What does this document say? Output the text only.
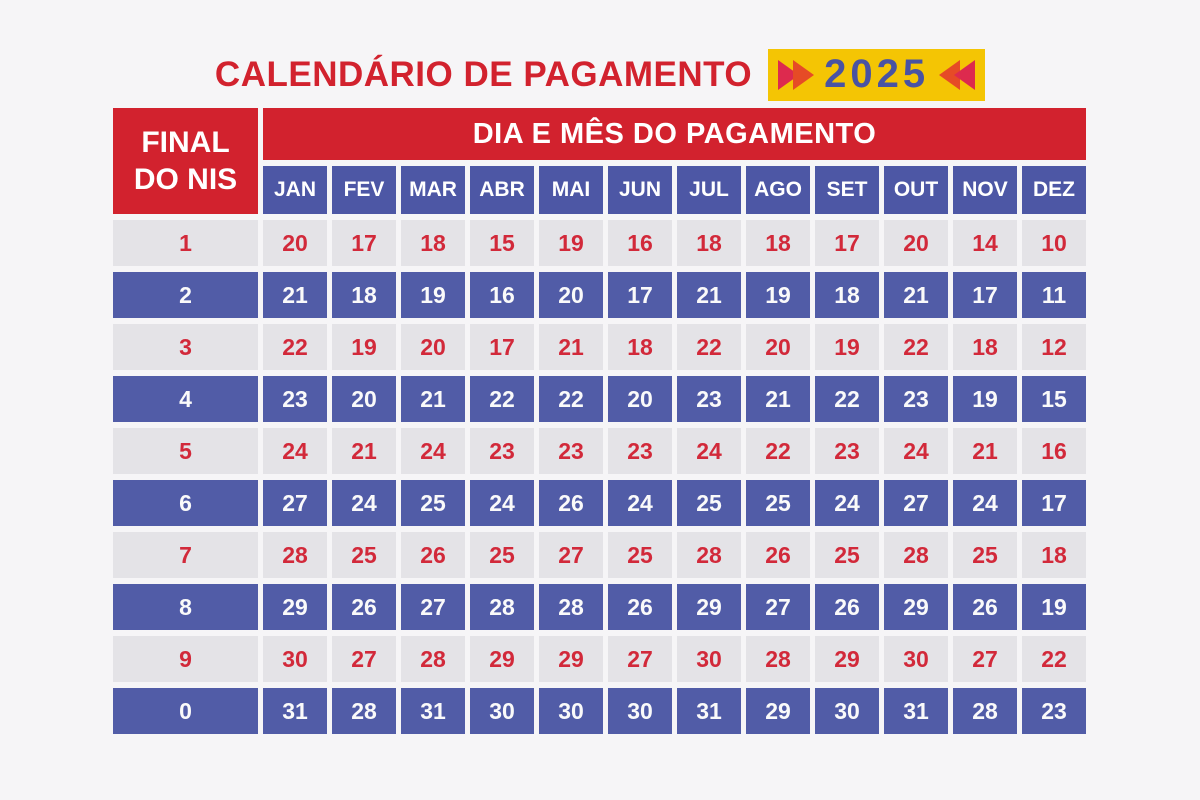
CALENDÁRIO DE PAGAMENTO 2025
FINAL
DO NIS
DIA E MÊS DO PAGAMENTO
JAN	FEV	MAR	ABR	MAI	JUN	JUL	AGO	SET	OUT	NOV	DEZ
1	20	17	18	15	19	16	18	18	17	20	14	10
2	21	18	19	16	20	17	21	19	18	21	17	11
3	22	19	20	17	21	18	22	20	19	22	18	12
4	23	20	21	22	22	20	23	21	22	23	19	15
5	24	21	24	23	23	23	24	22	23	24	21	16
6	27	24	25	24	26	24	25	25	24	27	24	17
7	28	25	26	25	27	25	28	26	25	28	25	18
8	29	26	27	28	28	26	29	27	26	29	26	19
9	30	27	28	29	29	27	30	28	29	30	27	22
0	31	28	31	30	30	30	31	29	30	31	28	23
